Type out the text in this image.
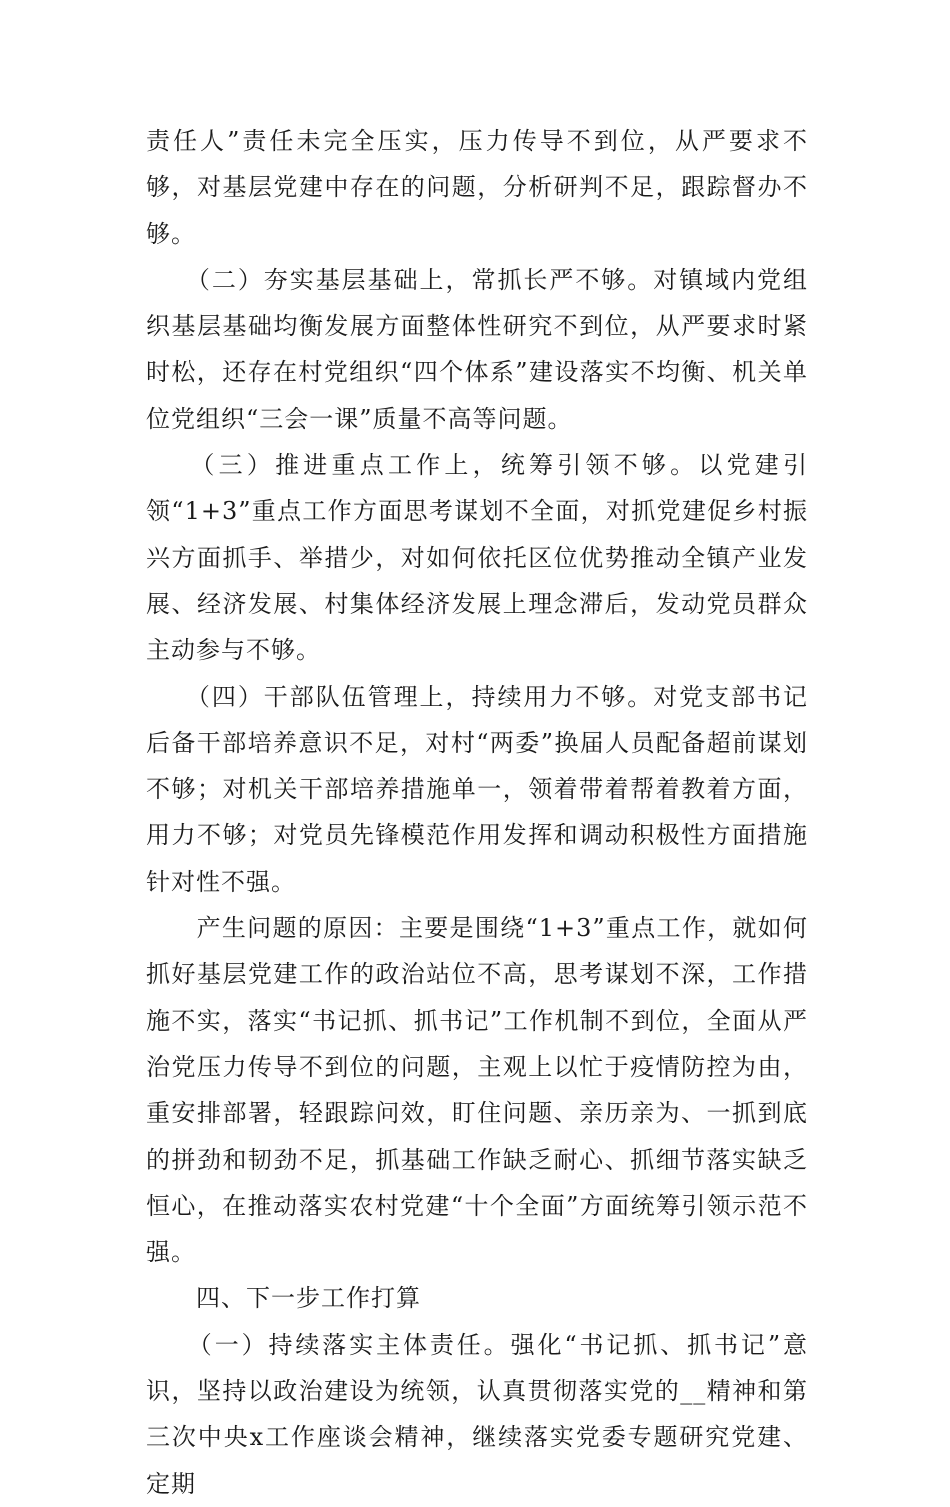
责任人”责任未完全压实，压力传导不到位，从严要求不够，对基层党建中存在的问题，分析研判不足，跟踪督办不够。

　　（二）夯实基层基础上，常抓长严不够。对镇域内党组织基层基础均衡发展方面整体性研究不到位，从严要求时紧时松，还存在村党组织“四个体系”建设落实不均衡、机关单位党组织“三会一课”质量不高等问题。

　　（三）推进重点工作上，统筹引领不够。以党建引领“1+3”重点工作方面思考谋划不全面，对抓党建促乡村振兴方面抓手、举措少，对如何依托区位优势推动全镇产业发展、经济发展、村集体经济发展上理念滞后，发动党员群众主动参与不够。

　　（四）干部队伍管理上，持续用力不够。对党支部书记后备干部培养意识不足，对村“两委”换届人员配备超前谋划不够；对机关干部培养措施单一，领着带着帮着教着方面，用力不够；对党员先锋模范作用发挥和调动积极性方面措施针对性不强。

　　产生问题的原因：主要是围绕“1+3”重点工作，就如何抓好基层党建工作的政治站位不高，思考谋划不深，工作措施不实，落实“书记抓、抓书记”工作机制不到位，全面从严治党压力传导不到位的问题，主观上以忙于疫情防控为由，重安排部署，轻跟踪问效，盯住问题、亲历亲为、一抓到底的拼劲和韧劲不足，抓基础工作缺乏耐心、抓细节落实缺乏恒心，在推动落实农村党建“十个全面”方面统筹引领示范不强。

　　四、下一步工作打算

　　（一）持续落实主体责任。强化“书记抓、抓书记”意识，坚持以政治建设为统领，认真贯彻落实党的__精神和第三次中央x工作座谈会精神，继续落实党委专题研究党建、定期
